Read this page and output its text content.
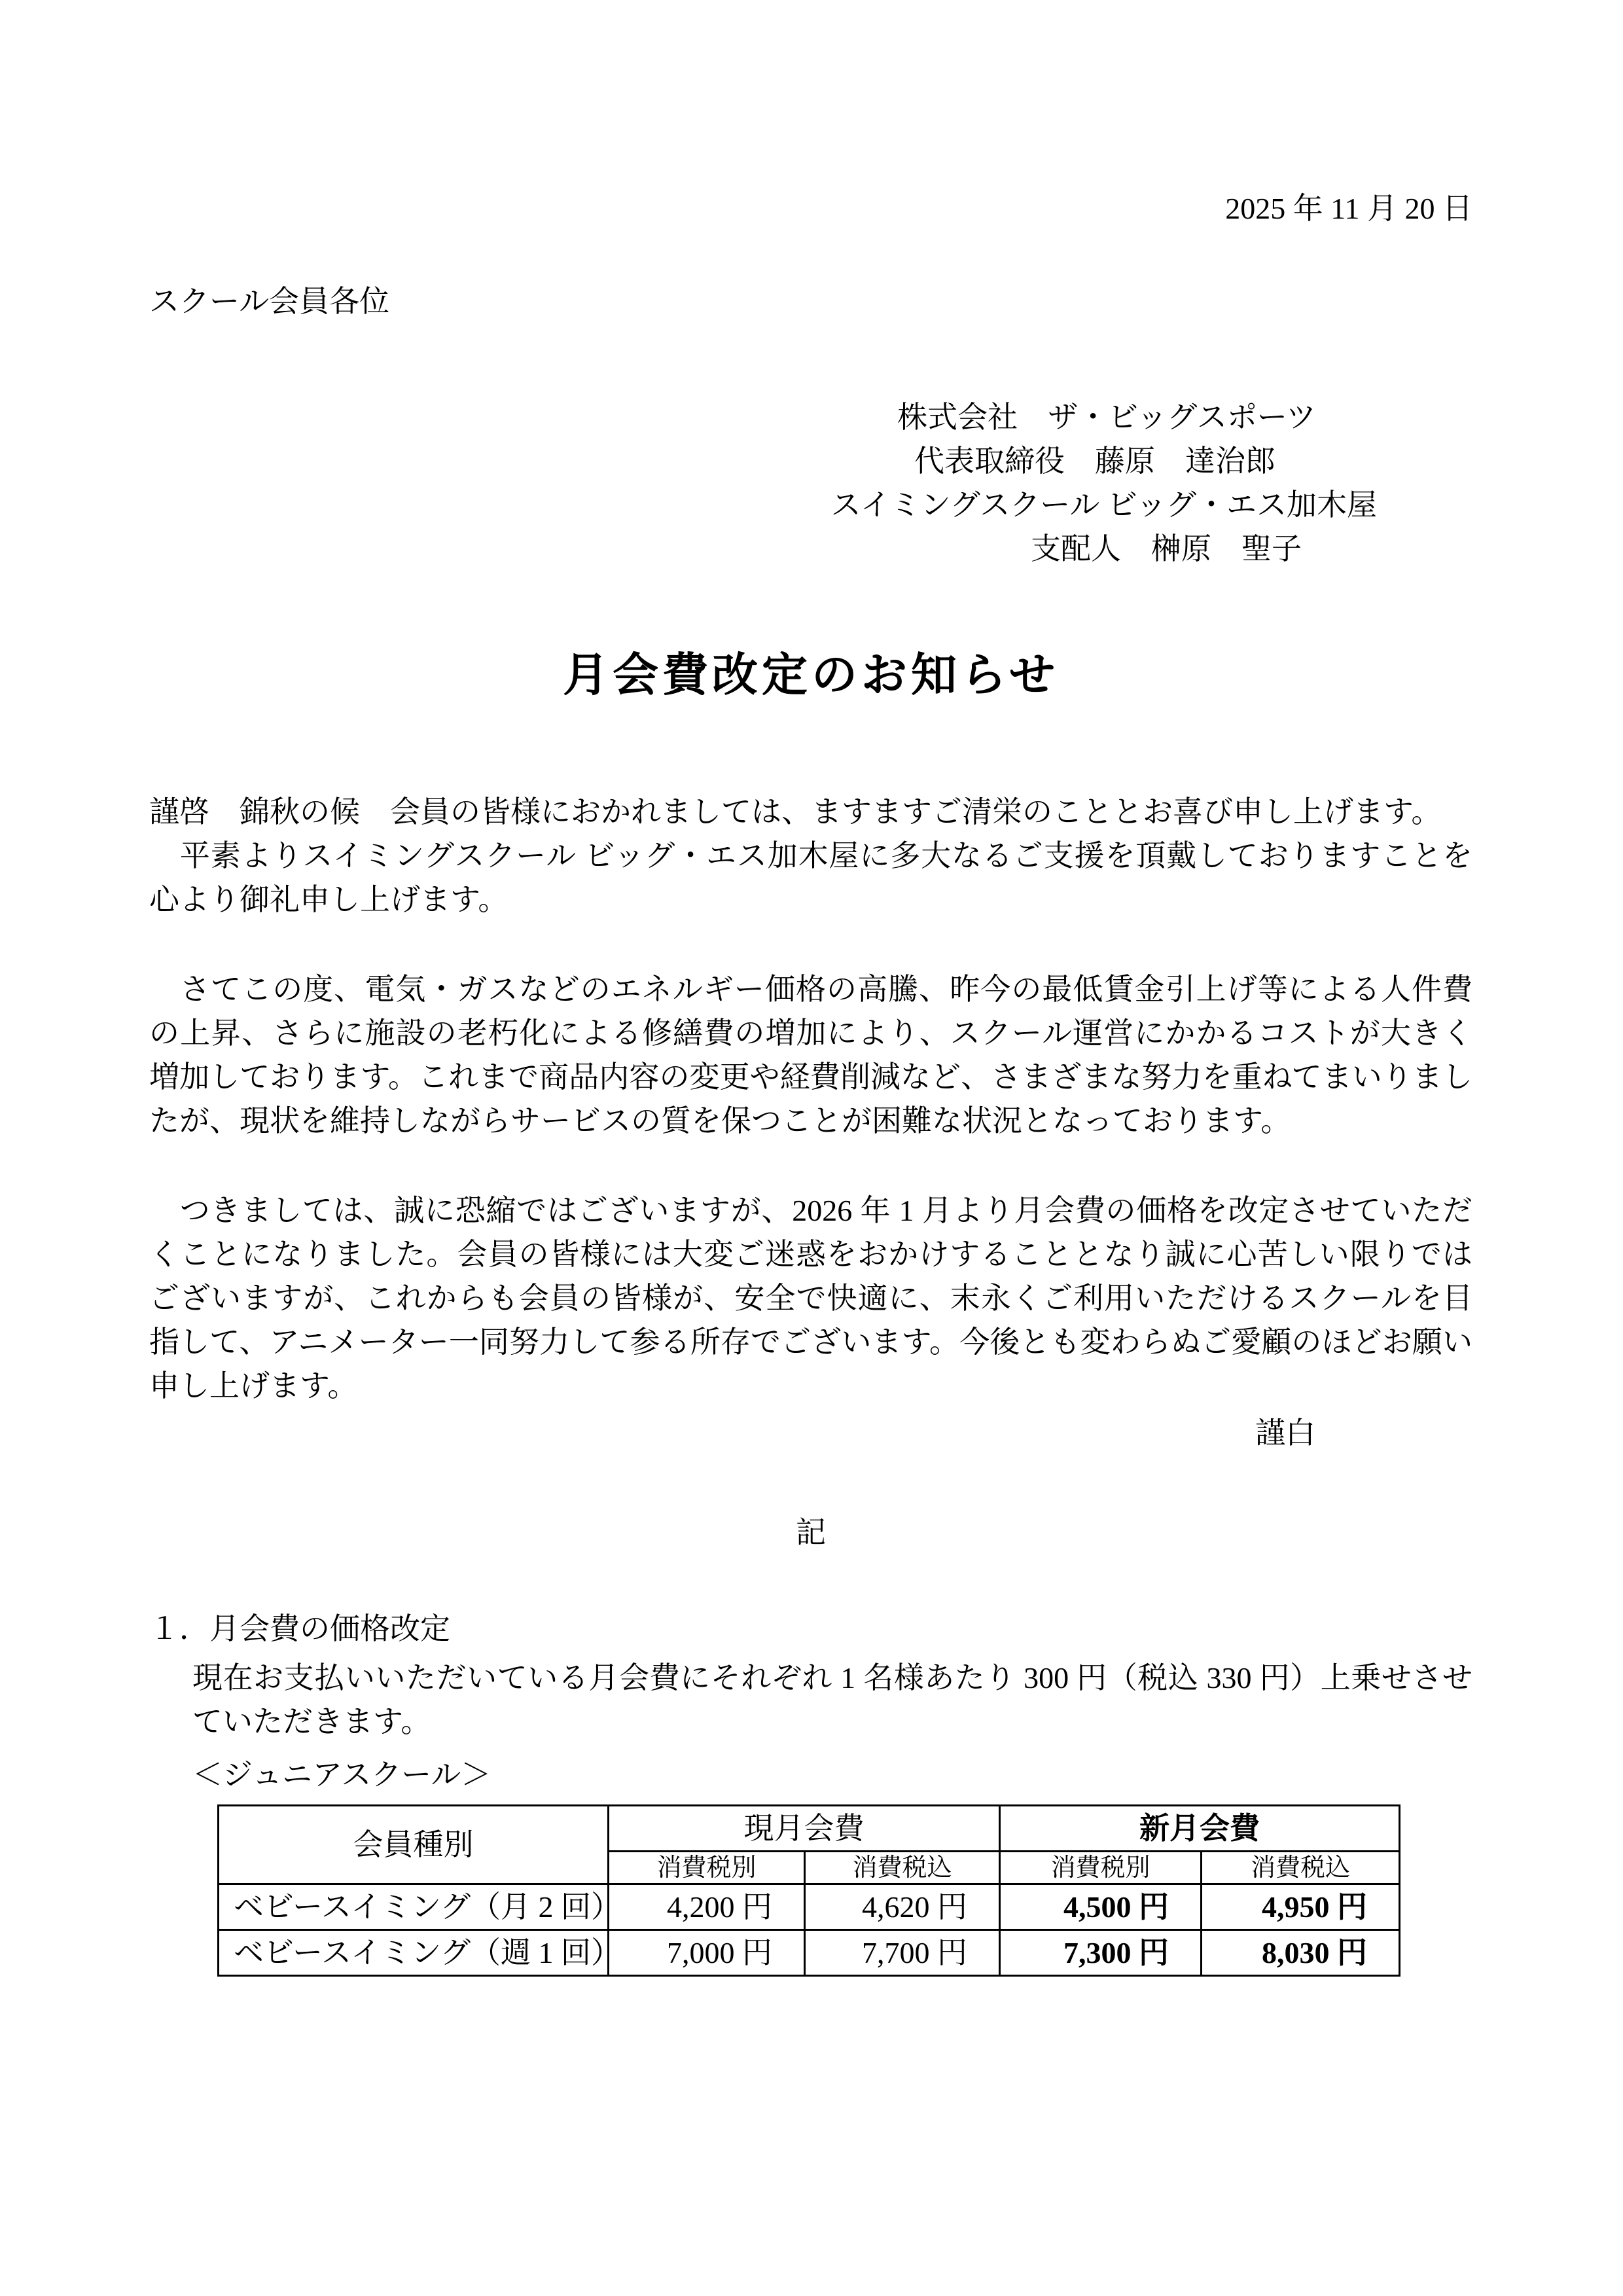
2025 年 11 月 20 日
スクール会員各位
株式会社　ザ・ビッグスポーツ
代表取締役　藤原　達治郎
スイミングスクール ビッグ・エス加木屋
支配人　榊原　聖子
月会費改定のお知らせ

謹啓　錦秋の候　会員の皆様におかれましては、ますますご清栄のこととお喜び申し上げます。

　平素よりスイミングスクール ビッグ・エス加木屋に多大なるご支援を頂戴しておりますことを心より御礼申し上げます。

　さてこの度、電気・ガスなどのエネルギー価格の高騰、昨今の最低賃金引上げ等による人件費の上昇、さらに施設の老朽化による修繕費の増加により、スクール運営にかかるコストが大きく増加しております。これまで商品内容の変更や経費削減など、さまざまな努力を重ねてまいりましたが、現状を維持しながらサービスの質を保つことが困難な状況となっております。

　つきましては、誠に恐縮ではございますが、2026 年 1 月より月会費の価格を改定させていただくことになりました。会員の皆様には大変ご迷惑をおかけすることとなり誠に心苦しい限りではございますが、これからも会員の皆様が、安全で快適に、末永くご利用いただけるスクールを目指して、アニメーター一同努力して参る所存でございます。今後とも変わらぬご愛顧のほどお願い申し上げます。

謹白
記
１．月会費の価格改定
現在お支払いいただいている月会費にそれぞれ 1 名様あたり 300 円（税込 330 円）上乗せさせていただきます。
＜ジュニアスクール＞
会員種別	現月会費		新月会費	
	消費税別	消費税込	消費税別	消費税込
ベビースイミング（月 2 回）	4,200 円	4,620 円	4,500 円	4,950 円
ベビースイミング（週 1 回）	7,000 円	7,700 円	7,300 円	8,030 円
